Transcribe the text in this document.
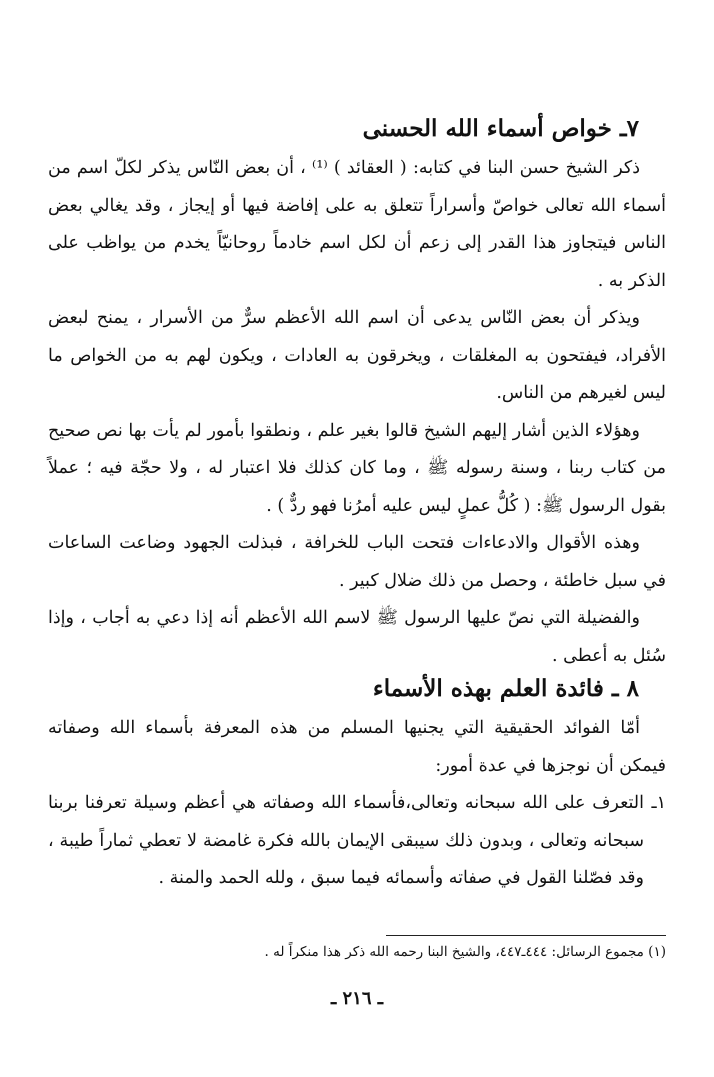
٧ـ خواص أسماء الله الحسنى

ذكر الشيخ حسن البنا في كتابه: ( العقائد ) ⁽¹⁾ ، أن بعض النّاس يذكر لكلّ اسم من أسماء الله تعالى خواصّ وأسراراً تتعلق به على إفاضة فيها أو إيجاز ، وقد يغالي بعض الناس فيتجاوز هذا القدر إلى زعم أن لكل اسم خادماً روحانيّاً يخدم من يواظب على الذكر به .

ويذكر أن بعض النّاس يدعى أن اسم الله الأعظم سرٌّ من الأسرار ، يمنح لبعض الأفراد، فيفتحون به المغلقات ، ويخرقون به العادات ، ويكون لهم به من الخواص ما ليس لغيرهم من الناس.

وهؤلاء الذين أشار إليهم الشيخ قالوا بغير علم ، ونطقوا بأمور لم يأت بها نص صحيح من كتاب ربنا ، وسنة رسوله ﷺ ، وما كان كذلك فلا اعتبار له ، ولا حجّة فيه ؛ عملاً بقول الرسول ﷺ: ( كُلُّ عملٍ ليس عليه أمرُنا فهو ردٌّ ) .

وهذه الأقوال والادعاءات فتحت الباب للخرافة ، فبذلت الجهود وضاعت الساعات في سبل خاطئة ، وحصل من ذلك ضلال كبير .

والفضيلة التي نصّ عليها الرسول ﷺ لاسم الله الأعظم أنه إذا دعي به أجاب ، وإذا سُئل به أعطى .

٨ ـ فائدة العلم بهذه الأسماء

أمّا الفوائد الحقيقية التي يجنيها المسلم من هذه المعرفة بأسماء الله وصفاته فيمكن أن نوجزها في عدة أمور:

١ـ
التعرف على الله سبحانه وتعالى،فأسماء الله وصفاته هي أعظم وسيلة تعرفنا بربنا سبحانه وتعالى ، وبدون ذلك سيبقى الإيمان بالله فكرة غامضة لا تعطي ثماراً طيبة ، وقد فصّلنا القول في صفاته وأسمائه فيما سبق ، ولله الحمد والمنة .
(١) مجموع الرسائل: ٤٤٤ـ٤٤٧، والشيخ البنا رحمه الله ذكر هذا منكراً له .
ـ ٢١٦ ـ
